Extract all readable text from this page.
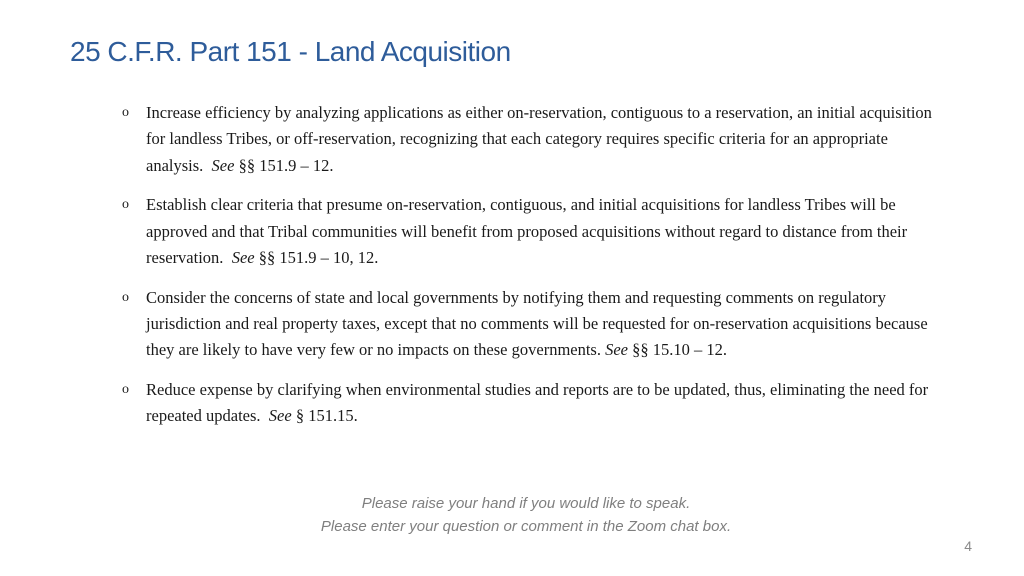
25 C.F.R. Part 151 - Land Acquisition
o Increase efficiency by analyzing applications as either on-reservation, contiguous to a reservation, an initial acquisition for landless Tribes, or off-reservation, recognizing that each category requires specific criteria for an appropriate analysis. See §§ 151.9 – 12.
o Establish clear criteria that presume on-reservation, contiguous, and initial acquisitions for landless Tribes will be approved and that Tribal communities will benefit from proposed acquisitions without regard to distance from their reservation. See §§ 151.9 – 10, 12.
o Consider the concerns of state and local governments by notifying them and requesting comments on regulatory jurisdiction and real property taxes, except that no comments will be requested for on-reservation acquisitions because they are likely to have very few or no impacts on these governments. See §§ 15.10 – 12.
o Reduce expense by clarifying when environmental studies and reports are to be updated, thus, eliminating the need for repeated updates. See § 151.15.
Please raise your hand if you would like to speak.
Please enter your question or comment in the Zoom chat box.
4
